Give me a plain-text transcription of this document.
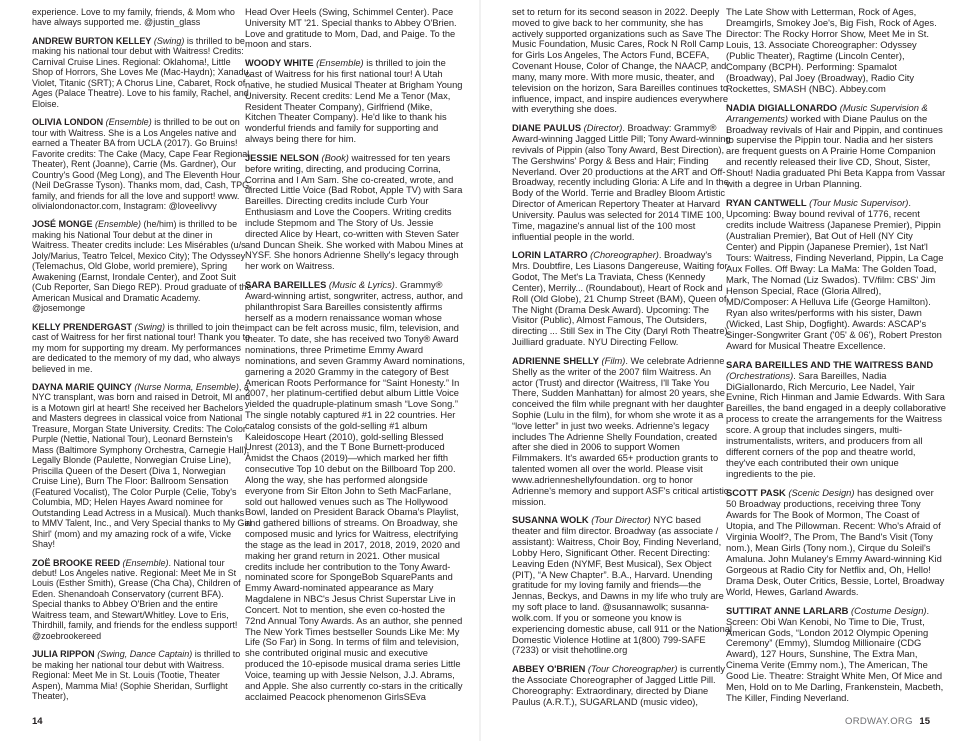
experience. Love to my family, friends, & Mom who have always supported me. @justin_glass

ANDREW BURTON KELLEY (Swing) is thrilled to be making his national tour debut with Waitress! Credits: Carnival Cruise Lines. Regional: Oklahoma!, Little Shop of Horrors, She Loves Me (Mac-Haydn); Xanadu, Violet, Titanic (SRT); A Chorus Line, Cabaret, Rock of Ages (Palace Theatre). Love to his family, Rachel, and Eloise.

OLIVIA LONDON (Ensemble) is thrilled to be out on tour with Waitress. She is a Los Angeles native and earned a Theater BA from UCLA (2017). Go Bruins! Favorite credits: The Cake (Macy, Cape Fear Regional Theater), Rent (Joanne), Carrie (Ms. Gardner), Our Country's Good (Meg Long), and The Eleventh Hour (Neil DeGrasse Tyson). Thanks mom, dad, Cash, TPG, family, and friends for all the love and support! www. olivialondonactor.com, Instagram: @loveelivvy

JOSÉ MONGE (Ensemble) (he/him) is thrilled to be making his National Tour debut at the diner in Waitress. Theater credits include: Les Misérables (u/s Joly/Marius, Teatro Telcel, Mexico City); The Odyssey (Telemachus, Old Globe, world premiere), Spring Awakening (Earnst, Irondale Center), and Zoot Suit (Cub Reporter, San Diego REP). Proud graduate of the American Musical and Dramatic Academy. @josemonge

KELLY PRENDERGAST (Swing) is thrilled to join the cast of Waitress for her first national tour! Thank you to my mom for supporting my dream. My performances are dedicated to the memory of my dad, who always believed in me.

DAYNA MARIE QUINCY (Nurse Norma, Ensemble), a NYC transplant, was born and raised in Detroit, MI and is a Motown girl at heart! She received her Bachelors and Masters degrees in classical voice from National Treasure, Morgan State University. Credits: The Color Purple (Nettie, National Tour), Leonard Bernstein's Mass (Baltimore Symphony Orchestra, Carnegie Hall), Legally Blonde (Paulette, Norwegian Cruise Line), Priscilla Queen of the Desert (Diva 1, Norwegian Cruise Line), Burn The Floor: Ballroom Sensation (Featured Vocalist), The Color Purple (Celie, Toby's Columbia, MD; Helen Hayes Award nominee for Outstanding Lead Actress in a Musical). Much thanks to MMV Talent, Inc., and Very Special thanks to My Girl Shirl' (mom) and my amazing rock of a wife, Vicke Shay!

ZOË BROOKE REED (Ensemble). National tour debut! Los Angeles native. Regional: Meet Me in St Louis (Esther Smith), Grease (Cha Cha), Children of Eden. Shenandoah Conservatory (current BFA). Special thanks to Abbey O'Brien and the entire Waitress team, and Stewart/Whitley. Love to Eris, Thirdhill, family, and friends for the endless support! @zoebrookereed

JULIA RIPPON (Swing, Dance Captain) is thrilled to be making her national tour debut with Waitress. Regional: Meet Me in St. Louis (Tootie, Theater Aspen), Mamma Mia! (Sophie Sheridan, Surflight Theater),

Head Over Heels (Swing, Schimmel Center). Pace University MT '21. Special thanks to Abbey O'Brien. Love and gratitude to Mom, Dad, and Paige. To the moon and stars.

WOODY WHITE (Ensemble) is thrilled to join the cast of Waitress for his first national tour! A Utah native, he studied Musical Theater at Brigham Young University. Recent credits: Lend Me a Tenor (Max, Resident Theater Company), Girlfriend (Mike, Kitchen Theater Company). He'd like to thank his wonderful friends and family for supporting and always being there for him.

JESSIE NELSON (Book) waitressed for ten years before writing, directing, and producing Corrina, Corrina and I Am Sam. She co-created, wrote, and directed Little Voice (Bad Robot, Apple TV) with Sara Bareilles. Directing credits include Curb Your Enthusiasm and Love the Coopers. Writing credits include Stepmom and The Story of Us. Jessie directed Alice by Heart, co-written with Steven Sater and Duncan Sheik. She worked with Mabou Mines at NYSF. She honors Adrienne Shelly's legacy through her work on Waitress.

SARA BAREILLES (Music & Lyrics). Grammy® Award-winning artist, songwriter, actress, author, and philanthropist Sara Bareilles consistently affirms herself as a modern renaissance woman whose impact can be felt across music, film, television, and theater. To date, she has received two Tony® Award nominations, three Primetime Emmy Award nominations, and seven Grammy Award nominations, garnering a 2020 Grammy in the category of Best American Roots Performance for “Saint Honesty.” In 2007, her platinum-certified debut album Little Voice yielded the quadruple-platinum smash “Love Song.” The single notably captured #1 in 22 countries. Her catalog consists of the gold-selling #1 album Kaleidoscope Heart (2010), gold-selling Blessed Unrest (2013), and the T Bone Burnett-produced Amidst the Chaos (2019)—which marked her fifth consecutive Top 10 debut on the Billboard Top 200. Along the way, she has performed alongside everyone from Sir Elton John to Seth MacFarlane, sold out hallowed venues such as The Hollywood Bowl, landed on President Barack Obama's Playlist, and gathered billions of streams. On Broadway, she composed music and lyrics for Waitress, electrifying the stage as the lead in 2017, 2018, 2019, 2020 and making her grand return in 2021. Other musical credits include her contribution to the Tony Award-nominated score for SpongeBob SquarePants and Emmy Award-nominated appearance as Mary Magdalene in NBC's Jesus Christ Superstar Live in Concert. Not to mention, she even co-hosted the 72nd Annual Tony Awards. As an author, she penned The New York Times bestseller Sounds Like Me: My Life (So Far) in Song. In terms of film and television, she contributed original music and executive produced the 10-episode musical drama series Little Voice, teaming up with Jessie Nelson, J.J. Abrams, and Apple. She also currently co-stars in the critically acclaimed Peacock phenomenon GirlsSEva

set to return for its second season in 2022. Deeply moved to give back to her community, she has actively supported organizations such as Save The Music Foundation, Music Cares, Rock N Roll Camp for Girls Los Angeles, The Actors Fund, BCEFA, Covenant House, Color of Change, the NAACP, and many, many more. With more music, theater, and television on the horizon, Sara Bareilles continues to influence, impact, and inspire audiences everywhere with everything she does.

DIANE PAULUS (Director). Broadway: Grammy® Award-winning Jagged Little Pill; Tony Award-winning revivals of Pippin (also Tony Award, Best Direction), The Gershwins' Porgy & Bess and Hair; Finding Neverland. Over 20 productions at the ART and Off-Broadway, recently including Gloria: A Life and In the Body of the World. Terrie and Bradley Bloom Artistic Director of American Repertory Theater at Harvard University. Paulus was selected for 2014 TIME 100, Time, magazine's annual list of the 100 most influential people in the world.

LORIN LATARRO (Choreographer). Broadway's Mrs. Doubtfire, Les Liasons Dangereuse, Waiting for Godot, The Met's La Traviata, Chess (Kennedy Center), Merrily... (Roundabout), Heart of Rock and Roll (Old Globe), 21 Chump Street (BAM), Queen of The Night (Drama Desk Award). Upcoming: The Visitor (Public), Almost Famous, The Outsiders, directing ... Still Sex in The City (Daryl Roth Theatre). Juilliard graduate. NYU Directing Fellow.

ADRIENNE SHELLY (Film). We celebrate Adrienne Shelly as the writer of the 2007 film Waitress. An actor (Trust) and director (Waitress, I'll Take You There, Sudden Manhattan) for almost 20 years, she conceived the film while pregnant with her daughter Sophie (Lulu in the film), for whom she wrote it as a “love letter” in just two weeks. Adrienne's legacy includes The Adrienne Shelly Foundation, created after she died in 2006 to support Women Filmmakers. It's awarded 65+ production grants to talented women all over the world. Please visit www.adrienneshellyfoundation. org to honor Adrienne's memory and support ASF's critical artistic mission.

SUSANNA WOLK (Tour Director) NYC based theater and film director. Broadway (as associate / assistant): Waitress, Choir Boy, Finding Neverland, Lobby Hero, Significant Other. Recent Directing: Leaving Eden (NYMF, Best Musical), Sex Object (PIT), “A New Chapter”. B.A., Harvard. Unending gratitude for my loving family and friends—the Jennas, Beckys, and Dawns in my life who truly are my soft place to land. @susannawolk; susanna-wolk.com. If you or someone you know is experiencing domestic abuse, call 911 or the National Domestic Violence Hotline at 1(800) 799-SAFE (7233) or visit thehotline.org

ABBEY O'BRIEN (Tour Choreographer) is currently the Associate Choreographer of Jagged Little Pill. Choreography: Extraordinary, directed by Diane Paulus (A.R.T.), SUGARLAND (music video),

The Late Show with Letterman, Rock of Ages, Dreamgirls, Smokey Joe's, Big Fish, Rock of Ages. Director: The Rocky Horror Show, Meet Me in St. Louis, 13. Associate Choreographer: Odyssey (Public Theater), Ragtime (Lincoln Center), Company (BCPH). Performing: Spamalot (Broadway), Pal Joey (Broadway), Radio City Rockettes, SMASH (NBC). Abbey.com

NADIA DIGIALLONARDO (Music Supervision & Arrangements) worked with Diane Paulus on the Broadway revivals of Hair and Pippin, and continues to supervise the Pippin tour. Nadia and her sisters are frequent guests on A Prairie Home Companion and recently released their live CD, Shout, Sister, Shout! Nadia graduated Phi Beta Kappa from Vassar with a degree in Urban Planning.

RYAN CANTWELL (Tour Music Supervisor). Upcoming: Bway bound revival of 1776, recent credits include Waitress (Japanese Premier), Pippin (Australian Premier), Bat Out of Hell (NY City Center) and Pippin (Japanese Premier), 1st Nat'l Tours: Waitress, Finding Neverland, Pippin, La Cage Aux Folles. Off Bway: La MaMa: The Golden Toad, Mark, The Nomad (Liz Swados). TV/film: CBS' Jim Henson Special, Race (Gloria Allred), MD/Composer: A Helluva Life (George Hamilton). Ryan also writes/performs with his sister, Dawn (Wicked, Last Ship, Dogfight). Awards: ASCAP's Singer-Songwriter Grant ('05' & 06'), Robert Preston Award for Musical Theatre Excellence.

SARA BAREILLES AND THE WAITRESS BAND (Orchestrations). Sara Bareilles, Nadia DiGiallonardo, Rich Mercurio, Lee Nadel, Yair Evnine, Rich Hinman and Jamie Edwards. With Sara Bareilles, the band engaged in a deeply collaborative process to create the arrangements for the Waitress score. A group that includes singers, multi-instrumentalists, writers, and producers from all different corners of the pop and theatre world, they've each contributed their own unique ingredients to the pie.

SCOTT PASK (Scenic Design) has designed over 50 Broadway productions, receiving three Tony Awards for The Book of Mormon, The Coast of Utopia, and The Pillowman. Recent: Who's Afraid of Virginia Woolf?, The Prom, The Band's Visit (Tony nom.), Mean Girls (Tony nom.), Cirque du Soleil's Amaluna. John Mulaney's Emmy Award-winning Kid Gorgeous at Radio City for Netflix and, Oh, Hello! Drama Desk, Outer Critics, Bessie, Lortel, Broadway World, Hewes, Garland Awards.

SUTTIRAT ANNE LARLARB (Costume Design). Screen: Obi Wan Kenobi, No Time to Die, Trust, American Gods, “London 2012 Olympic Opening Ceremony” (Emmy), Slumdog Millionaire (CDG Award), 127 Hours, Sunshine, The Extra Man, Cinema Verite (Emmy nom.), The American, The Good Lie. Theatre: Straight White Men, Of Mice and Men, Hold on to Me Darling, Frankenstein, Macbeth, The Killer, Finding Neverland.

14	ORDWAY.ORG 15
